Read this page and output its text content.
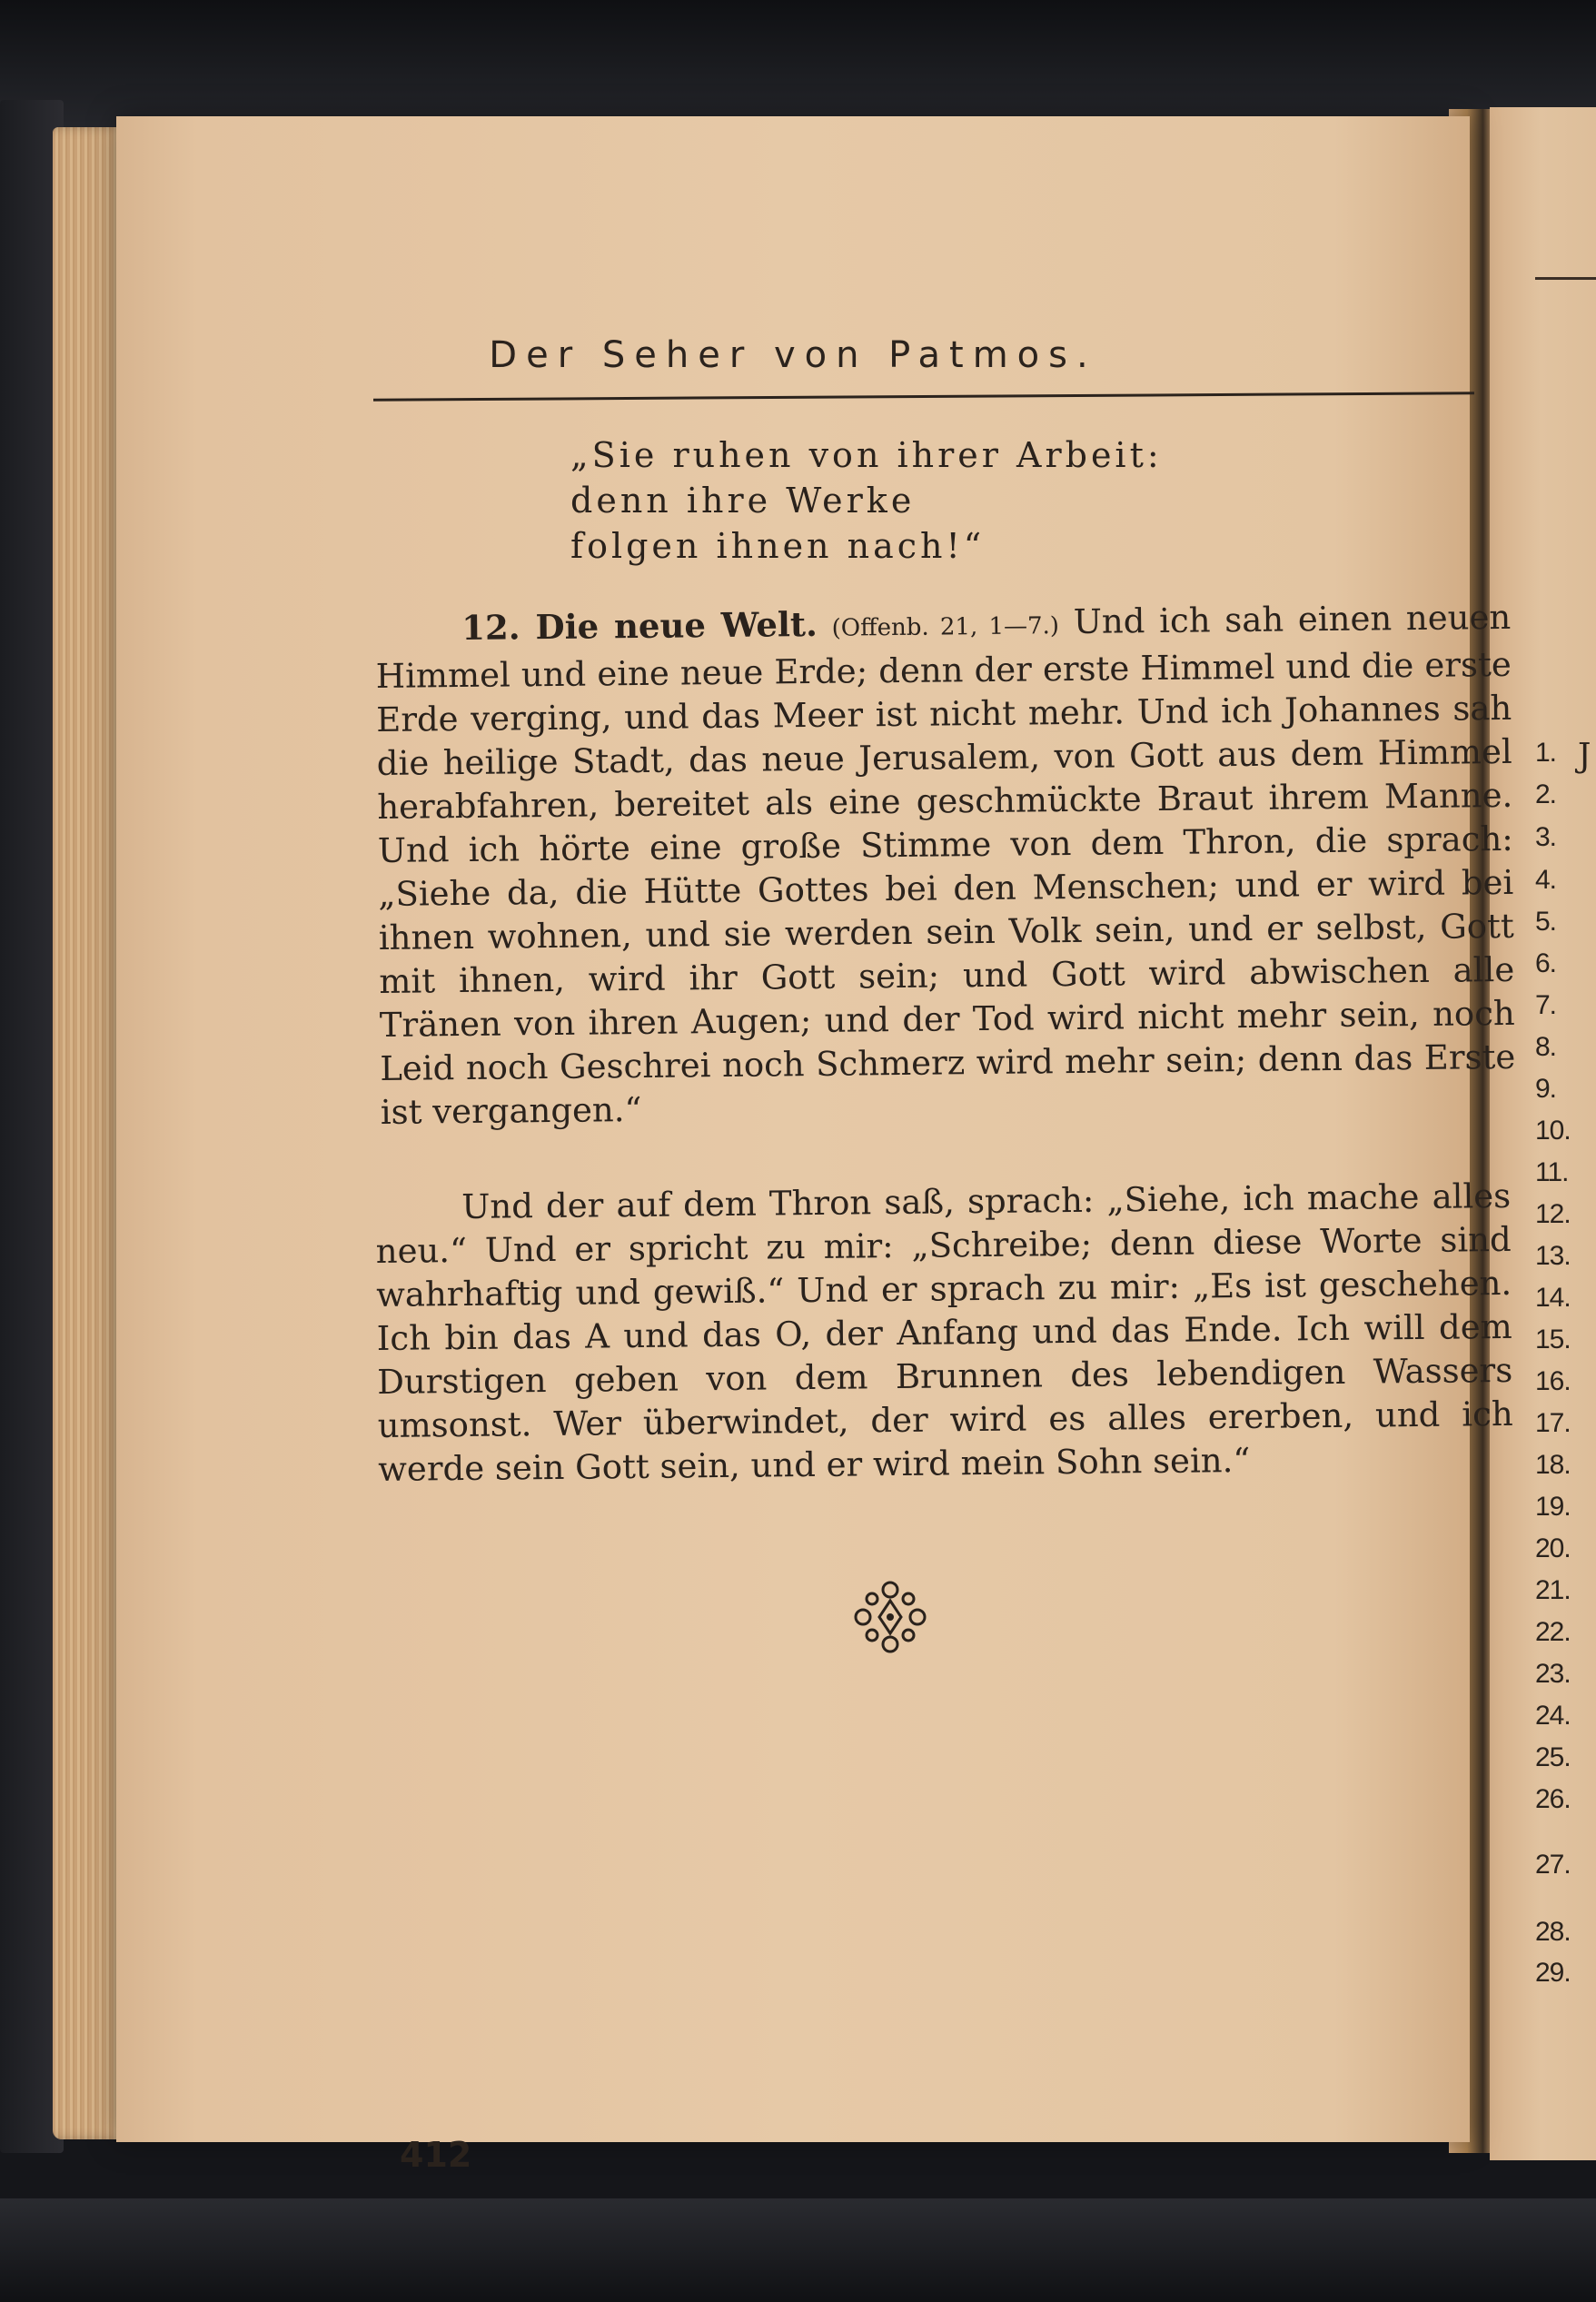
J
1.
2.
3.
4.
5.
6.
7.
8.
9.
10.
11.
12.
13.
14.
15.
16.
17.
18.
19.
20.
21.
22.
23.
24.
25.
26.
27.
28.
29.
Der Seher von Patmos.
„Sie ruhen von ihrer Arbeit:
denn ihre Werke
folgen ihnen nach!“
12. Die neue Welt. (Offenb. 21, 1—7.) Und ich sah einen neuen Himmel und eine neue Erde; denn der erste Himmel und die erste Erde verging, und das Meer ist nicht mehr. Und ich Johannes sah die heilige Stadt, das neue Jerusalem, von Gott aus dem Himmel herabfahren, bereitet als eine geschmückte Braut ihrem Manne. Und ich hörte eine große Stimme von dem Thron, die sprach: „Siehe da, die Hütte Gottes bei den Menschen; und er wird bei ihnen wohnen, und sie werden sein Volk sein, und er selbst, Gott mit ihnen, wird ihr Gott sein; und Gott wird abwischen alle Tränen von ihren Augen; und der Tod wird nicht mehr sein, noch Leid noch Geschrei noch Schmerz wird mehr sein; denn das Erste ist vergangen.“
Und der auf dem Thron saß, sprach: „Siehe, ich mache alles neu.“ Und er spricht zu mir: „Schreibe; denn diese Worte sind wahrhaftig und gewiß.“ Und er sprach zu mir: „Es ist geschehen. Ich bin das A und das O, der Anfang und das Ende. Ich will dem Durstigen geben von dem Brunnen des lebendigen Wassers umsonst. Wer überwindet, der wird es alles ererben, und ich werde sein Gott sein, und er wird mein Sohn sein.“
412
